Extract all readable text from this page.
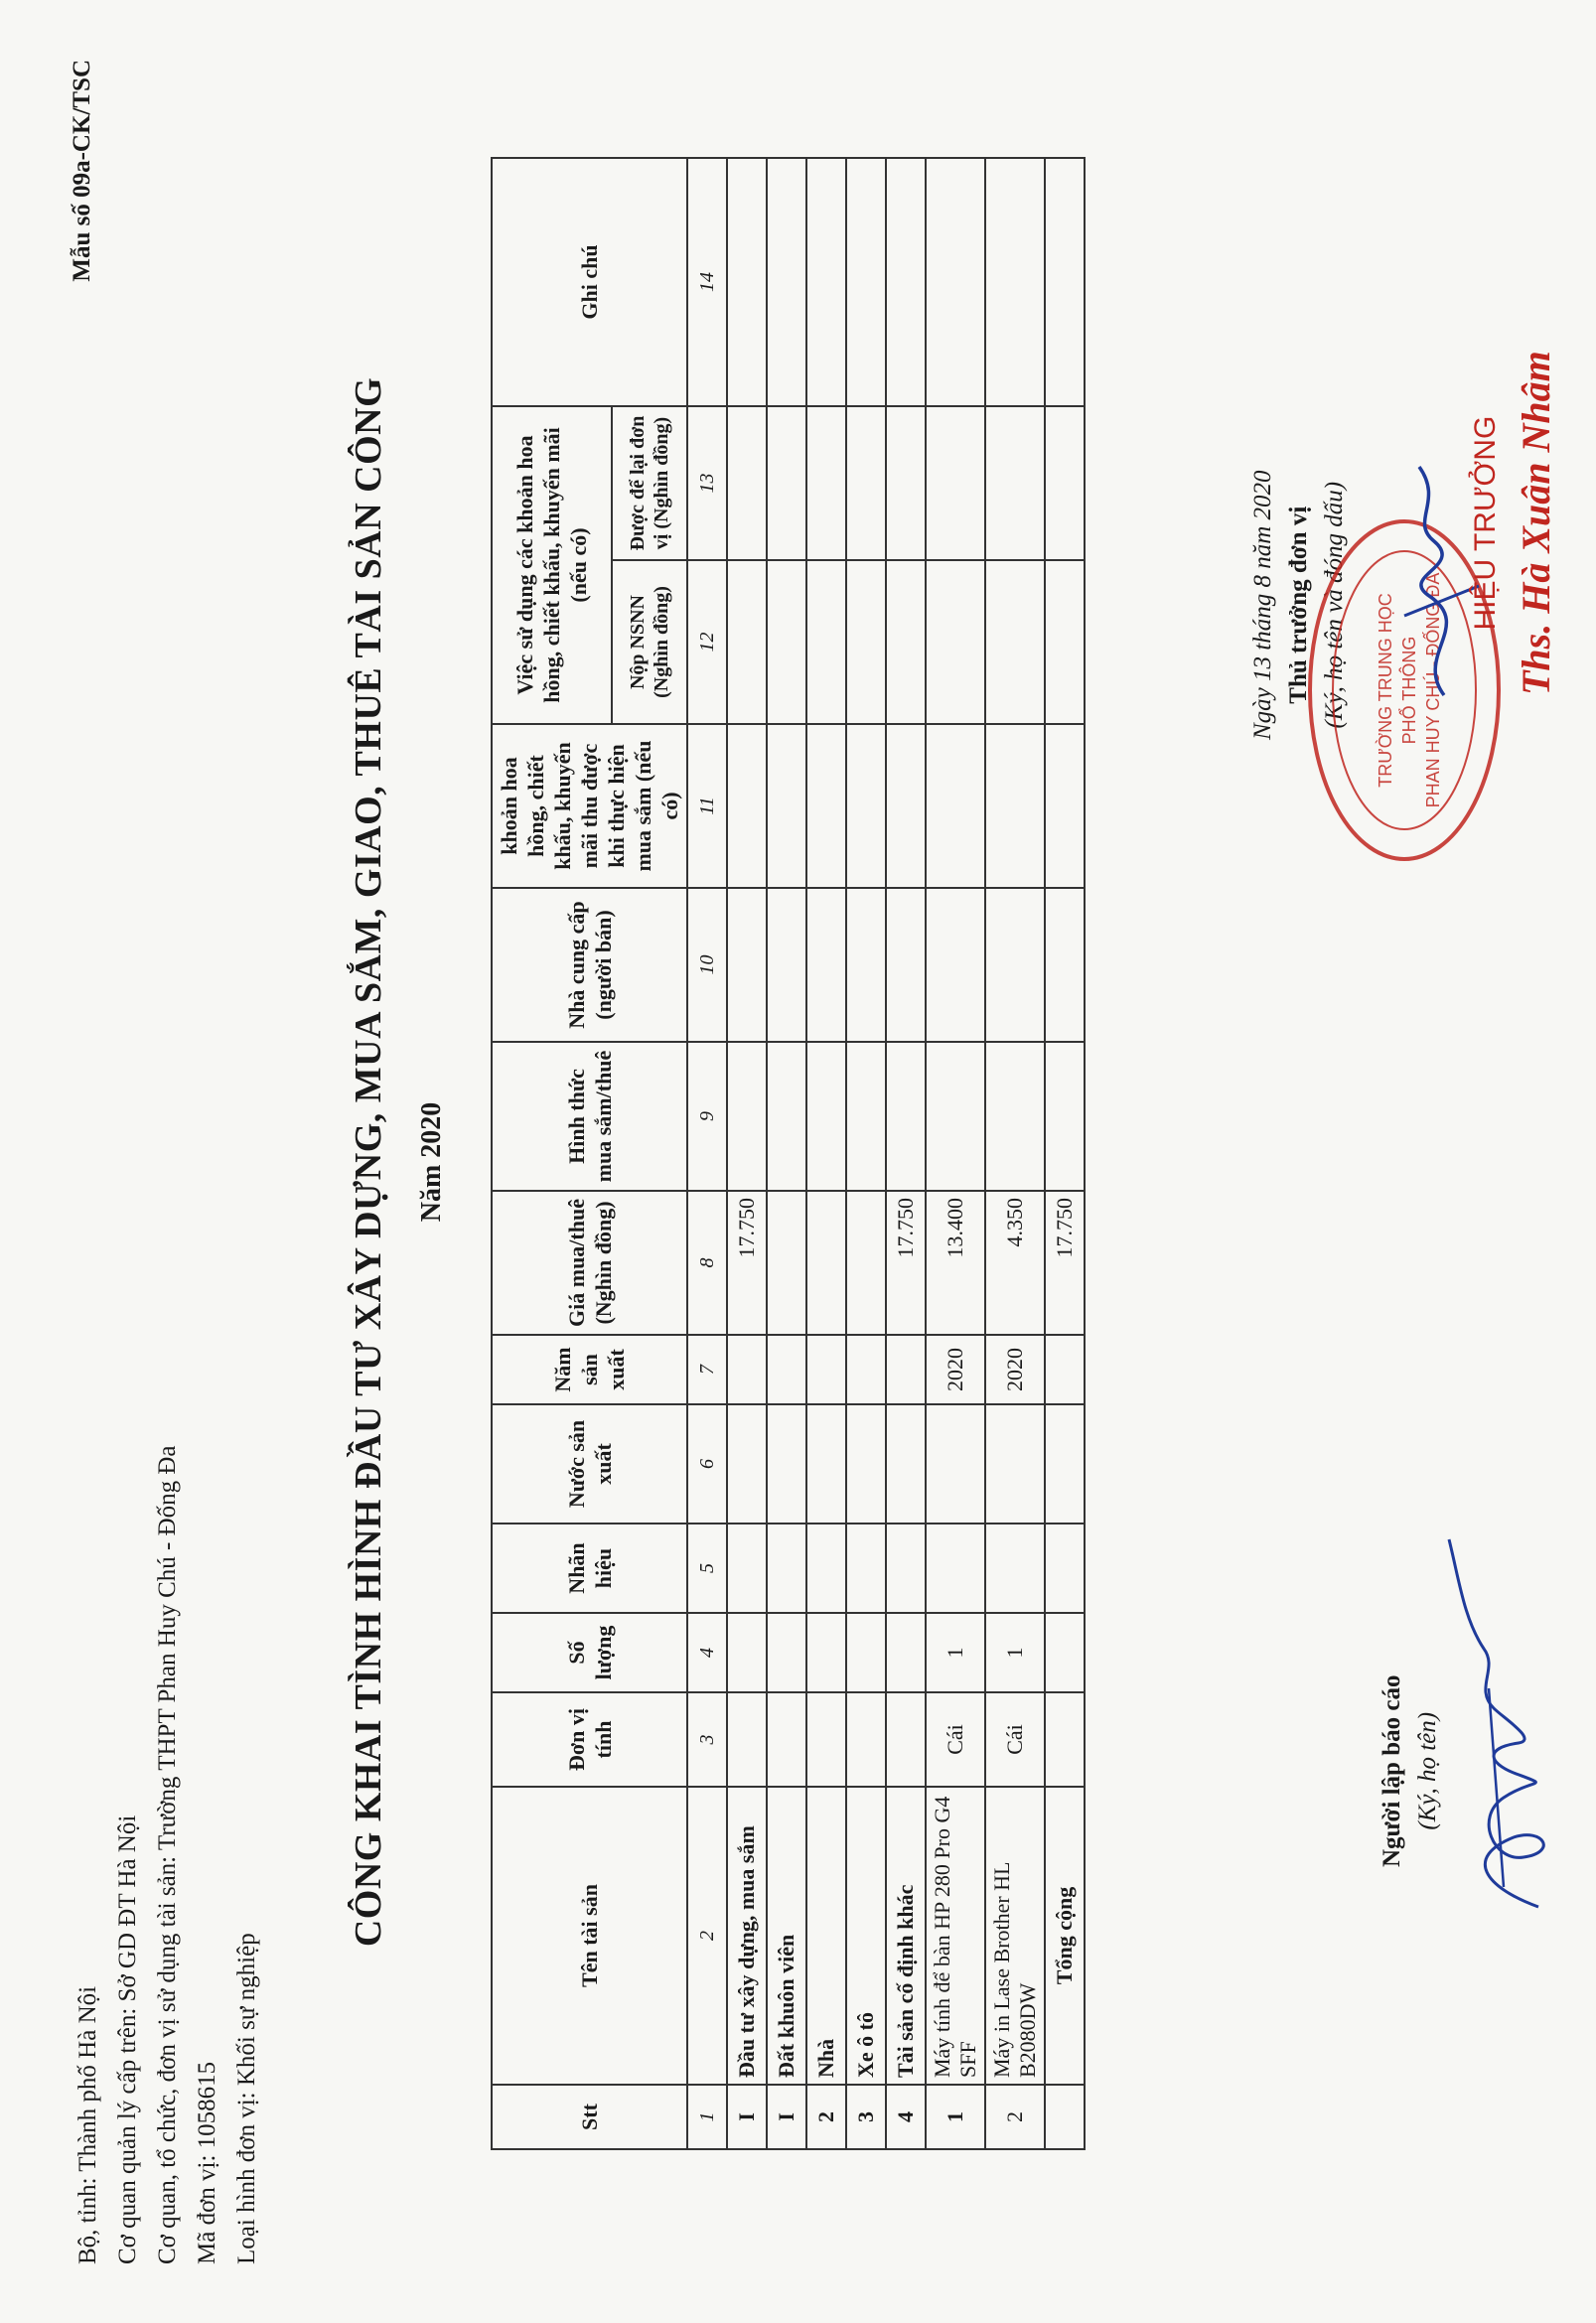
Bộ, tỉnh: Thành phố Hà Nội Cơ quan quản lý cấp trên: Sở GD ĐT Hà Nội Cơ quan, tổ chức, đơn vị sử dụng tài sản: Trường THPT Phan Huy Chú - Đống Đa Mã đơn vị: 1058615 Loại hình đơn vị: Khối sự nghiệp
Mẫu số 09a-CK/TSC
CÔNG KHAI TÌNH HÌNH ĐẦU TƯ XÂY DỰNG, MUA SẮM, GIAO, THUÊ TÀI SẢN CÔNG Năm 2020
Stt	Tên tài sản	Đơn vị tính	Số lượng	Nhãn hiệu	Nước sản xuất	Năm sản xuất	Giá mua/thuê (Nghìn đồng)	Hình thức mua sắm/thuê	Nhà cung cấp (người bán)	khoản hoa hồng, chiết khấu, khuyến mãi thu được khi thực hiện mua sắm (nếu có)	Việc sử dụng các khoản hoa hồng, chiết khấu, khuyến mãi (nếu có)		Ghi chú
											Nộp NSNN (Nghìn đồng)	Được để lại đơn vị (Nghìn đồng)	
1	2	3	4	5	6	7	8	9	10	11	12	13	14
I	Đầu tư xây dựng, mua sắm						17.750						
I	Đất khuôn viên												
2	Nhà												
3	Xe ô tô												
4	Tài sản cố định khác						17.750						
1	Máy tính để bàn HP 280 Pro G4 SFF	Cái	1			2020	13.400						
2	Máy in Lase Brother HL B2080DW	Cái	1			2020	4.350						
	Tổng cộng						17.750						
Người lập báo cáo (Ký, họ tên)
Ngày 13 tháng 8 năm 2020 Thủ trưởng đơn vị (Ký, họ tên và đóng dấu) TRƯỜNG TRUNG HỌC PHỔ THÔNG PHAN HUY CHÚ - ĐỐNG ĐA
HIỆU TRƯỞNG Ths. Hà Xuân Nhâm
